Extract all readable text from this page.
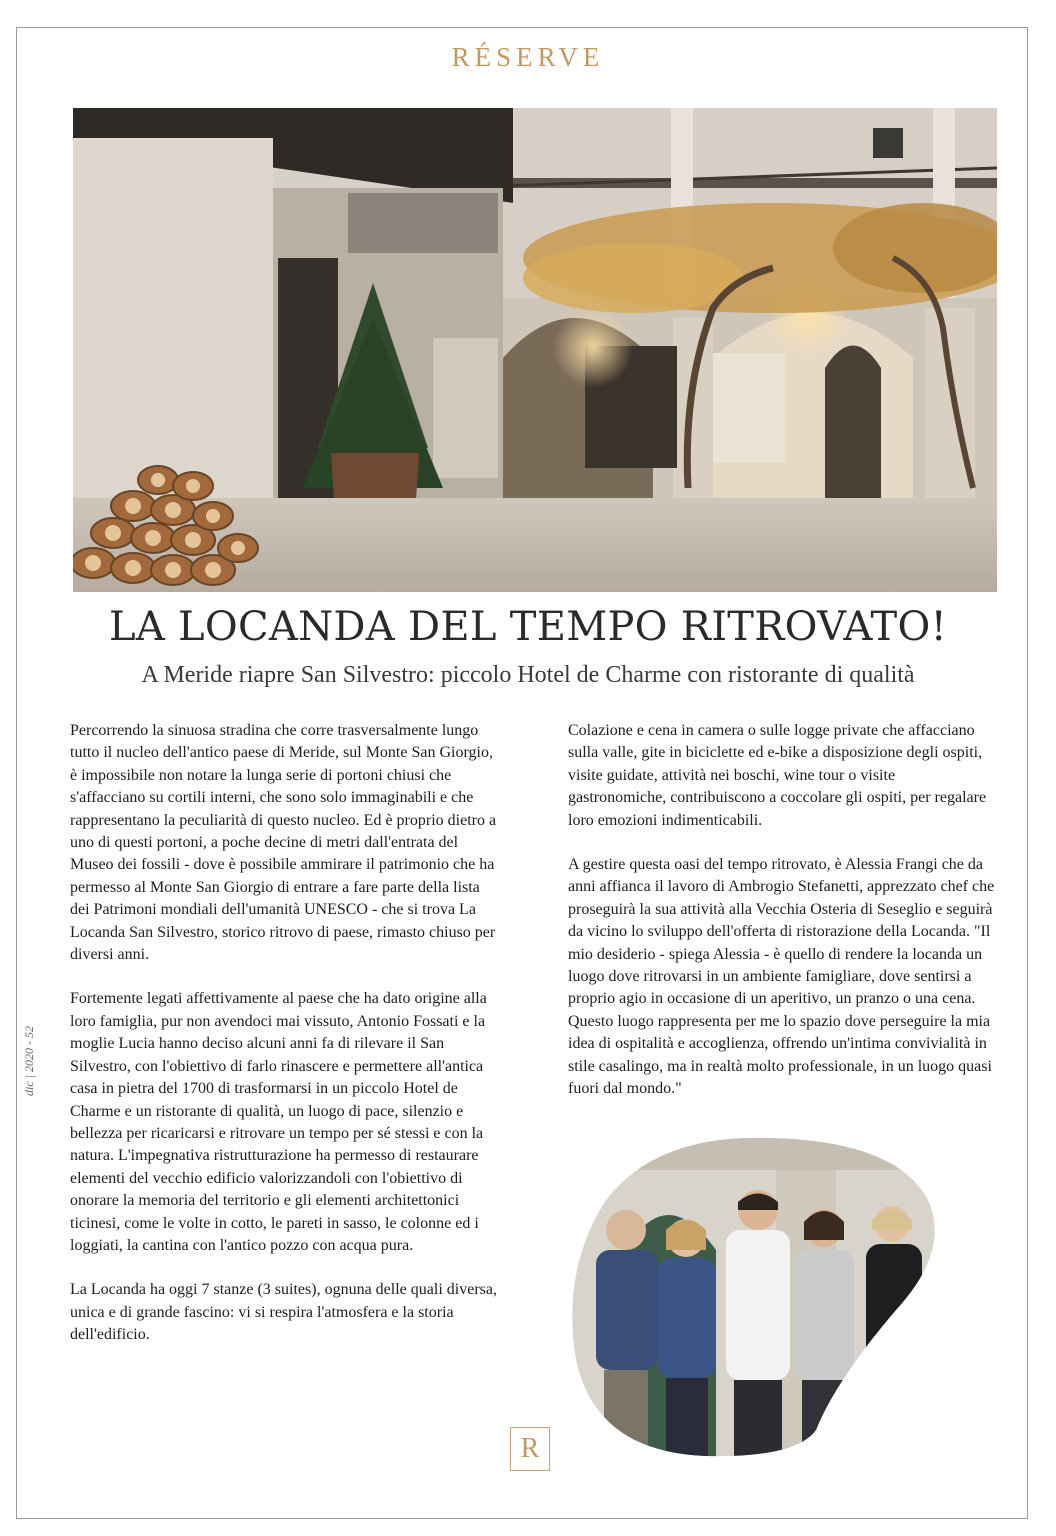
RÉSERVE
LA LOCANDA DEL TEMPO RITROVATO!
A Meride riapre San Silvestro: piccolo Hotel de Charme con ristorante di qualità

Percorrendo la sinuosa stradina che corre trasversalmente lungo tutto il nucleo dell'antico paese di Meride, sul Monte San Giorgio, è impossibile non notare la lunga serie di portoni chiusi che s'affacciano su cortili interni, che sono solo immaginabili e che rappresentano la peculiarità di questo nucleo. Ed è proprio dietro a uno di questi portoni, a poche decine di metri dall'entrata del Museo dei fossili - dove è possibile ammirare il patrimonio che ha permesso al Monte San Giorgio di entrare a fare parte della lista dei Patrimoni mondiali dell'umanità UNESCO - che si trova La Locanda San Silvestro, storico ritrovo di paese, rimasto chiuso per diversi anni.

Fortemente legati affettivamente al paese che ha dato origine alla loro famiglia, pur non avendoci mai vissuto, Antonio Fossati e la moglie Lucia hanno deciso alcuni anni fa di rilevare il San Silvestro, con l'obiettivo di farlo rinascere e permettere all'antica casa in pietra del 1700 di trasformarsi in un piccolo Hotel de Charme e un ristorante di qualità, un luogo di pace, silenzio e bellezza per ricaricarsi e ritrovare un tempo per sé stessi e con la natura. L'impegnativa ristrutturazione ha permesso di restaurare elementi del vecchio edificio valorizzandoli con l'obiettivo di onorare la memoria del territorio e gli elementi architettonici ticinesi, come le volte in cotto, le pareti in sasso, le colonne ed i loggiati, la cantina con l'antico pozzo con acqua pura.

La Locanda ha oggi 7 stanze (3 suites), ognuna delle quali diversa, unica e di grande fascino: vi si respira l'atmosfera e la storia dell'edificio.

Colazione e cena in camera o sulle logge private che affacciano sulla valle, gite in biciclette ed e-bike a disposizione degli ospiti, visite guidate, attività nei boschi, wine tour o visite gastronomiche, contribuiscono a coccolare gli ospiti, per regalare loro emozioni indimenticabili.

A gestire questa oasi del tempo ritrovato, è Alessia Frangi che da anni affianca il lavoro di Ambrogio Stefanetti, apprezzato chef che proseguirà la sua attività alla Vecchia Osteria di Seseglio e seguirà da vicino lo sviluppo dell'offerta di ristorazione della Locanda. "Il mio desiderio - spiega Alessia - è quello di rendere la locanda un luogo dove ritrovarsi in un ambiente famigliare, dove sentirsi a proprio agio in occasione di un aperitivo, un pranzo o una cena. Questo luogo rappresenta per me lo spazio dove perseguire la mia idea di ospitalità e accoglienza, offrendo un'intima convivialità in stile casalingo, ma in realtà molto professionale, in un luogo quasi fuori dal mondo."

dic | 2020 - 52
R
